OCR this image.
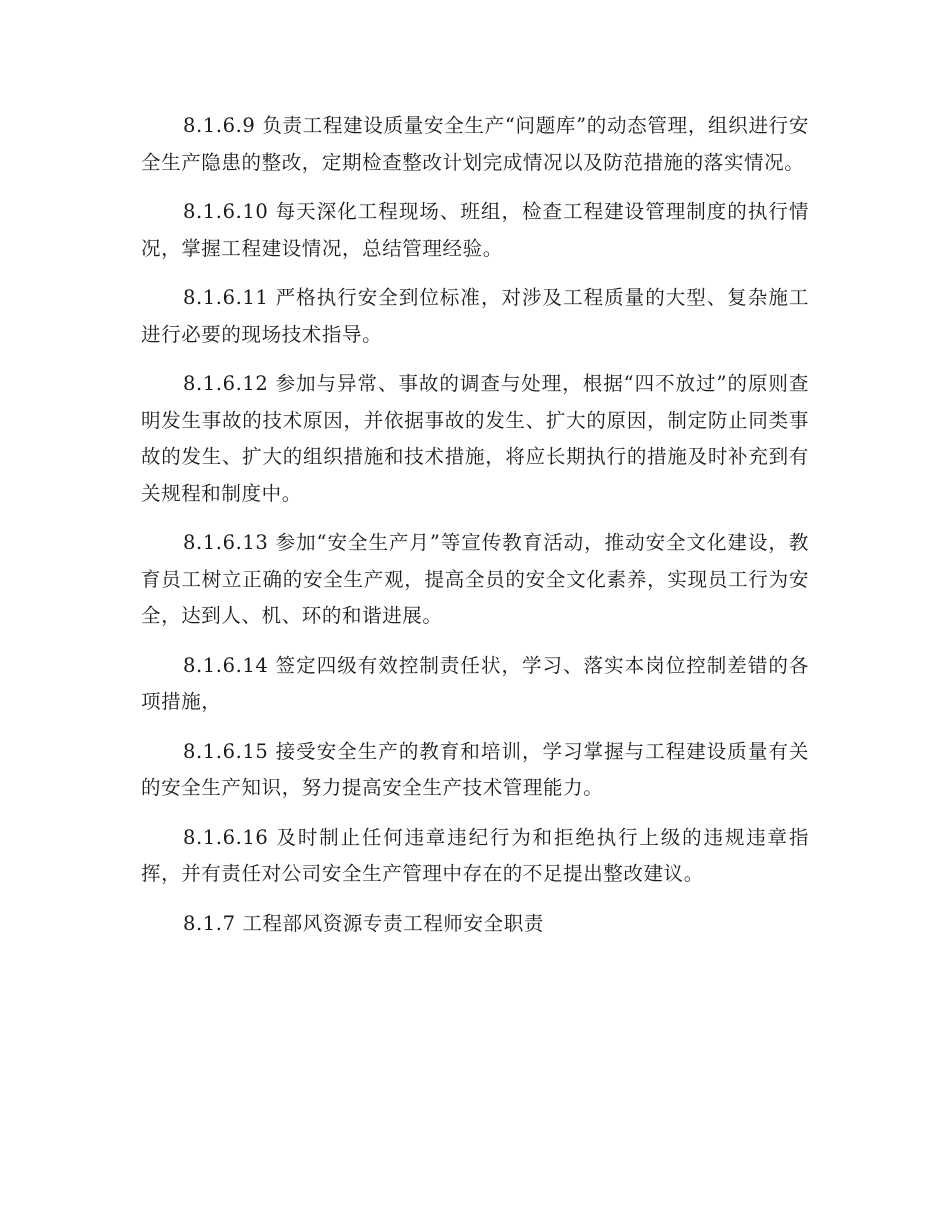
8.1.6.9 负责工程建设质量安全生产“问题库”的动态管理，组织进行安全生产隐患的整改，定期检查整改计划完成情况以及防范措施的落实情况。

8.1.6.10 每天深化工程现场、班组，检查工程建设管理制度的执行情况，掌握工程建设情况，总结管理经验。

8.1.6.11 严格执行安全到位标准，对涉及工程质量的大型、复杂施工进行必要的现场技术指导。

8.1.6.12 参加与异常、事故的调查与处理，根据“四不放过”的原则查明发生事故的技术原因，并依据事故的发生、扩大的原因，制定防止同类事故的发生、扩大的组织措施和技术措施，将应长期执行的措施及时补充到有关规程和制度中。

8.1.6.13 参加“安全生产月”等宣传教育活动，推动安全文化建设，教育员工树立正确的安全生产观，提高全员的安全文化素养，实现员工行为安全，达到人、机、环的和谐进展。

8.1.6.14 签定四级有效控制责任状，学习、落实本岗位控制差错的各项措施，

8.1.6.15 接受安全生产的教育和培训，学习掌握与工程建设质量有关的安全生产知识，努力提高安全生产技术管理能力。

8.1.6.16 及时制止任何违章违纪行为和拒绝执行上级的违规违章指挥，并有责任对公司安全生产管理中存在的不足提出整改建议。

8.1.7 工程部风资源专责工程师安全职责
